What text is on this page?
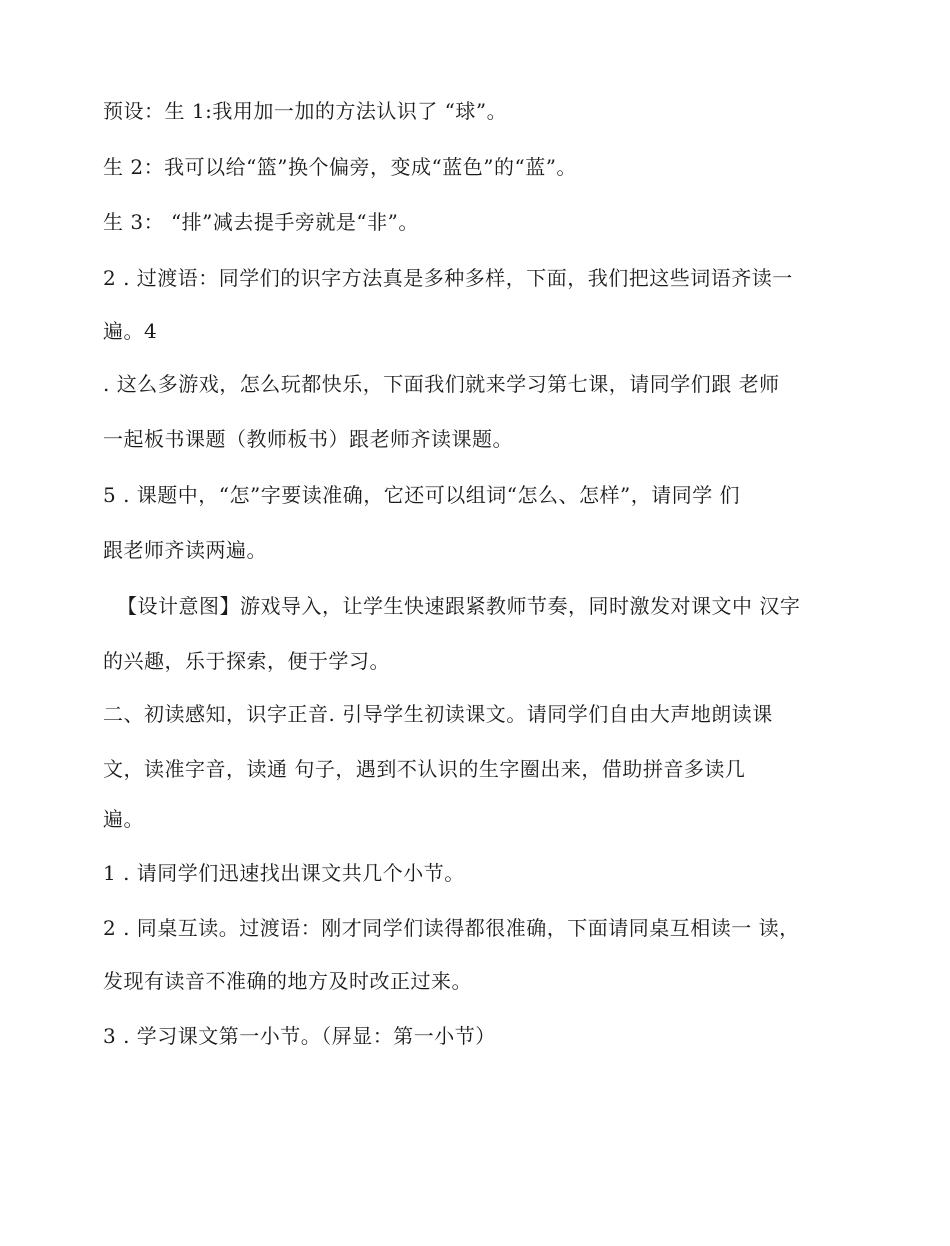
预设：生 1:我用加一加的方法认识了 “球”。
生 2：我可以给“篮”换个偏旁，变成“蓝色”的“蓝”。
生 3： “排”减去提手旁就是“非”。
2 . 过渡语：同学们的识字方法真是多种多样，下面，我们把这些词语齐读一
遍。4
. 这么多游戏，怎么玩都快乐，下面我们就来学习第七课，请同学们跟 老师
一起板书课题（教师板书）跟老师齐读课题。
5 . 课题中，“怎”字要读准确，它还可以组词“怎么、怎样”，请同学 们
跟老师齐读两遍。
【设计意图】游戏导入，让学生快速跟紧教师节奏，同时激发对课文中 汉字
的兴趣，乐于探索，便于学习。
二、初读感知，识字正音. 引导学生初读课文。请同学们自由大声地朗读课
文，读准字音，读通 句子，遇到不认识的生字圈出来，借助拼音多读几
遍。
1 . 请同学们迅速找出课文共几个小节。
2 . 同桌互读。过渡语：刚才同学们读得都很准确，下面请同桌互相读一 读，
发现有读音不准确的地方及时改正过来。
3 . 学习课文第一小节。（屏显：第一小节）
